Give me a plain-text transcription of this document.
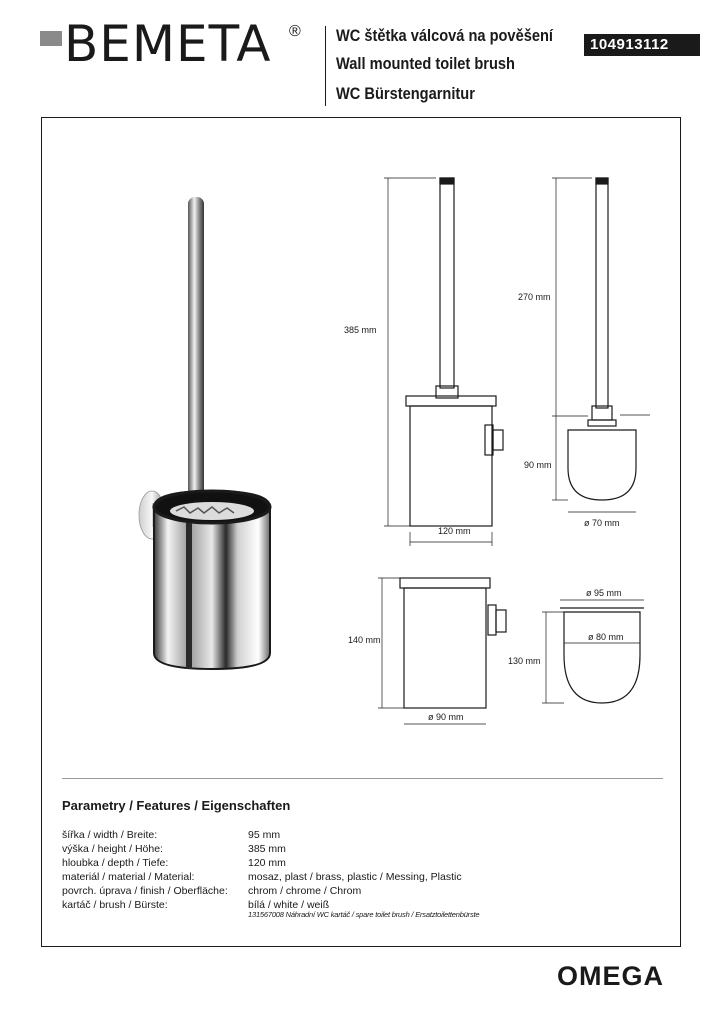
BEMETA ® WC štětka válcová na pověšení
Wall mounted toilet brush
WC Bürstengarnitur
104913112
385 mm
120 mm
270 mm
90 mm
ø 70 mm
140 mm
ø 90 mm
ø 95 mm
ø 80 mm
130 mm
Parametry / Features / Eigenschaften
šířka / width / Breite:	95 mm
výška / height / Höhe:	385 mm
hloubka / depth / Tiefe:	120 mm
materiál / material / Material:	mosaz, plast / brass, plastic / Messing, Plastic
povrch. úprava / finish / Oberfläche: chrom / chrome / Chrom
kartáč / brush / Bürste:	bílá / white / weiß
131567008 Náhradní WC kartáč / spare toilet brush / Ersatztoilettenbürste
OMEGA
